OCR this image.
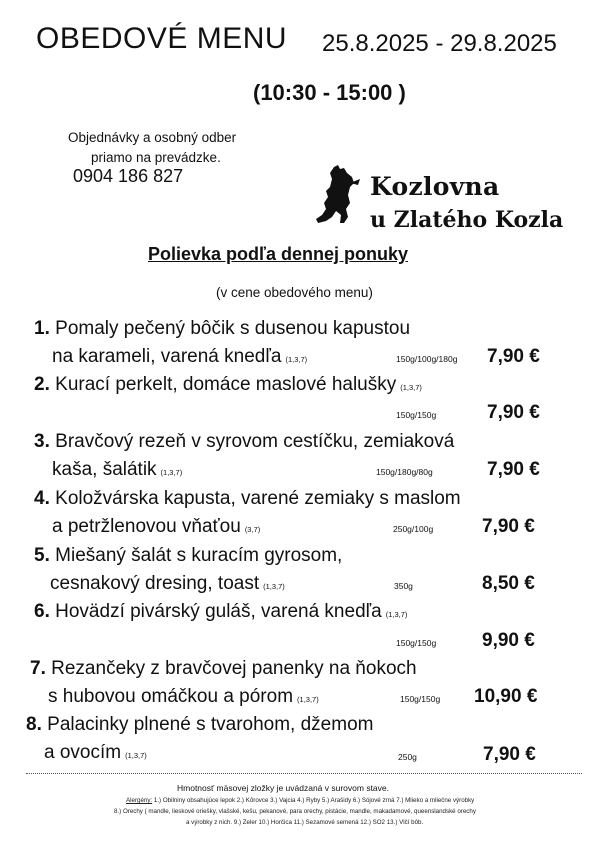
OBEDOVÉ MENU 25.8.2025 - 29.8.2025
(10:30 - 15:00 )
Objednávky a osobný odber
priamo na prevádzke.
0904 186 827	Kozlovna
u Zlatého Kozla
Polievka podľa dennej ponuky
(v cene obedového menu)
1. Pomaly pečený bôčik s dusenou kapustou
na karameli, varená knedľa (1,3,7)	150g/100g/180g 7,90 €
2. Kurací perkelt, domáce maslové halušky (1,3,7)
150g/150g	7,90 €
3. Bravčový rezeň v syrovom cestíčku, zemiaková
kaša, šalátik (1,3,7)	150g/180g/80g	7,90 €
4. Koložvárska kapusta, varené zemiaky s maslom
a petržlenovou vňaťou (3,7)	250g/100g	7,90 €
5. Miešaný šalát s kuracím gyrosom,
cesnakový dresing, toast (1,3,7)	350g	8,50 €
6. Hovädzí pivárský guláš, varená knedľa (1,3,7)
150g/150g 9,90 €
7. Rezančeky z bravčovej panenky na ňokoch
s hubovou omáčkou a pórom (1,3,7)	150g/150g 10,90 €
8. Palacinky plnené s tvarohom, džemom
a ovocím (1,3,7)	250g	7,90 €
Hmotnosť mäsovej zložky je uvádzaná v surovom stave.
Alergény: 1.) Obilniny obsahujúce lepok 2.) Kôrovce 3.) Vajcia 4.) Ryby 5.) Arašidy 6.) Sójové zrná 7.) Mlieko a mliečne výrobky
8.) Orechy ( mandle, lieskové oriešky, vlašské, kešu, pekanové, para orechy, pistácie, mandle, makadamové, queenslandské orechy
a výrobky z nich. 9.) Zeler 10.) Horčica 11.) Sezamové semená 12.) SO2 13.) Vlčí bôb.
